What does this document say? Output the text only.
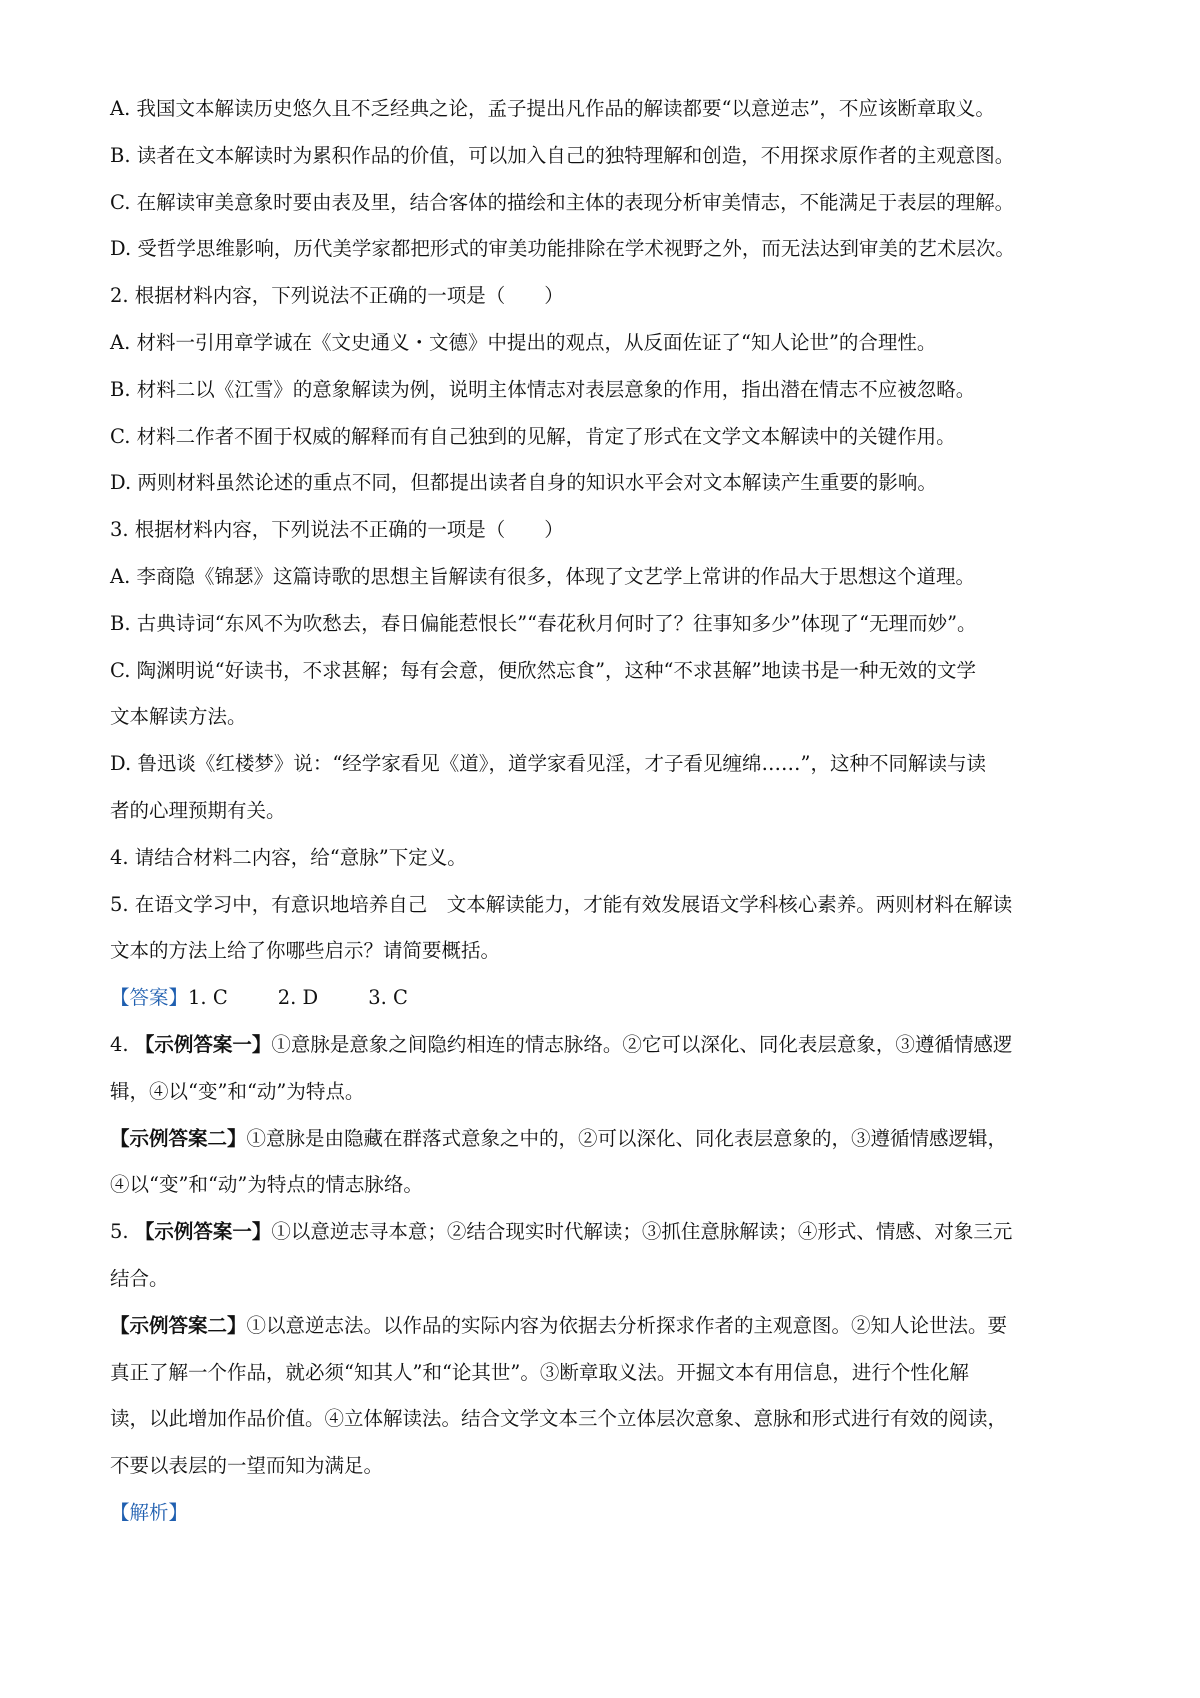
A. 我国文本解读历史悠久且不乏经典之论，孟子提出凡作品的解读都要“以意逆志”，不应该断章取义。
B. 读者在文本解读时为累积作品的价值，可以加入自己的独特理解和创造，不用探求原作者的主观意图。
C. 在解读审美意象时要由表及里，结合客体的描绘和主体的表现分析审美情志，不能满足于表层的理解。
D. 受哲学思维影响，历代美学家都把形式的审美功能排除在学术视野之外，而无法达到审美的艺术层次。
2. 根据材料内容，下列说法不正确的一项是（　　）
A. 材料一引用章学诚在《文史通义・文德》中提出的观点，从反面佐证了“知人论世”的合理性。
B. 材料二以《江雪》的意象解读为例，说明主体情志对表层意象的作用，指出潜在情志不应被忽略。
C. 材料二作者不囿于权威的解释而有自己独到的见解，肯定了形式在文学文本解读中的关键作用。
D. 两则材料虽然论述的重点不同，但都提出读者自身的知识水平会对文本解读产生重要的影响。
3. 根据材料内容，下列说法不正确的一项是（　　）
A. 李商隐《锦瑟》这篇诗歌的思想主旨解读有很多，体现了文艺学上常讲的作品大于思想这个道理。
B. 古典诗词“东风不为吹愁去，春日偏能惹恨长”“春花秋月何时了？往事知多少”体现了“无理而妙”。
C. 陶渊明说“好读书，不求甚解；每有会意，便欣然忘食”，这种“不求甚解”地读书是一种无效的文学
文本解读方法。
D. 鲁迅谈《红楼梦》说：“经学家看见《道》，道学家看见淫，才子看见缠绵……”，这种不同解读与读
者的心理预期有关。
4. 请结合材料二内容，给“意脉”下定义。
5. 在语文学习中，有意识地培养自己　文本解读能力，才能有效发展语文学科核心素养。两则材料在解读
文本的方法上给了你哪些启示？请简要概括。
【答案】1. C	2. D	3. C
4. 【示例答案一】①意脉是意象之间隐约相连的情志脉络。②它可以深化、同化表层意象，③遵循情感逻
辑，④以“变”和“动”为特点。
【示例答案二】①意脉是由隐藏在群落式意象之中的，②可以深化、同化表层意象的，③遵循情感逻辑，
④以“变”和“动”为特点的情志脉络。
5. 【示例答案一】①以意逆志寻本意；②结合现实时代解读；③抓住意脉解读；④形式、情感、对象三元
结合。
【示例答案二】①以意逆志法。以作品的实际内容为依据去分析探求作者的主观意图。②知人论世法。要
真正了解一个作品，就必须“知其人”和“论其世”。③断章取义法。开掘文本有用信息，进行个性化解
读，以此增加作品价值。④立体解读法。结合文学文本三个立体层次意象、意脉和形式进行有效的阅读，
不要以表层的一望而知为满足。
【解析】
